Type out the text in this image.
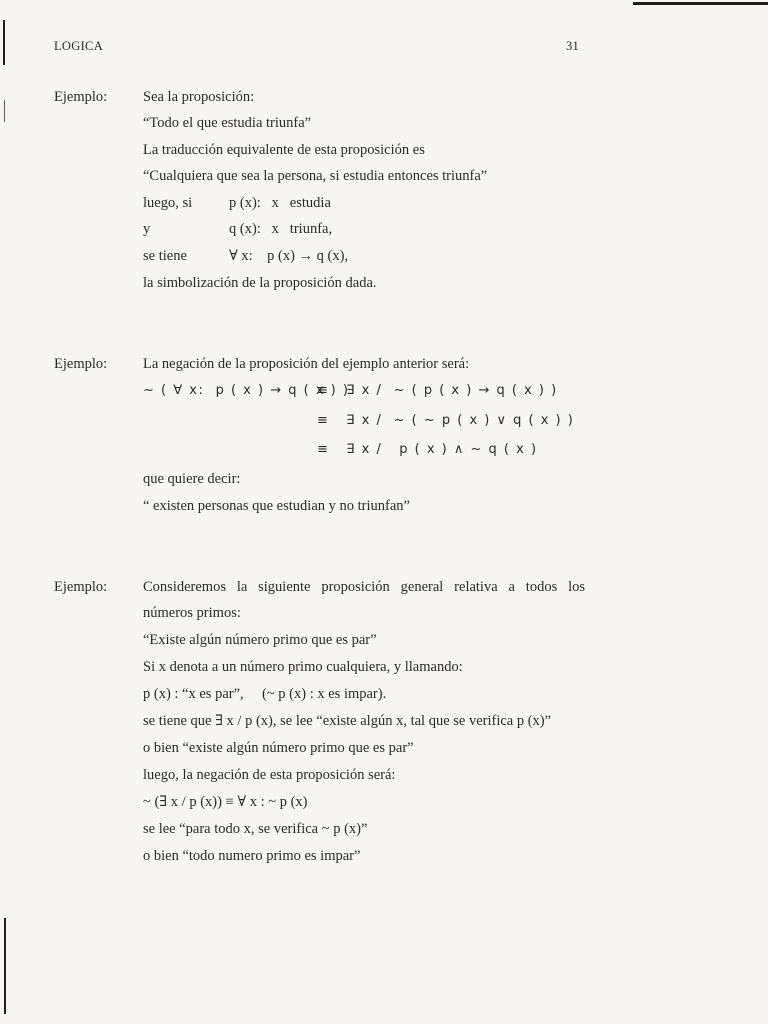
LOGICA	31
Ejemplo: Sea la proposición:
“Todo el que estudia triunfa”
La traducción equivalente de esta proposición es
“Cualquiera que sea la persona, si estudia entonces triunfa”
luego, si	p (x):   x   estudia
y	q (x):   x   triunfa,
se tiene	∀ x:    p (x) → q (x),
la simbolización de la proposición dada.
Ejemplo: La negación de la proposición del ejemplo anterior será:
~ ( ∀ x:  p ( x ) → q ( x ) )
≡   ∃ x /  ~ ( p ( x ) → q ( x ) )
≡   ∃ x /  ~ ( ~ p ( x ) ∨ q ( x ) )
≡   ∃ x /   p ( x ) ∧ ~ q ( x )
que quiere decir:
“ existen personas que estudian y no triunfan”
Ejemplo: Consideremos la siguiente proposición general relativa a todos los
números primos:
“Existe algún número primo que es par”
Si x denota a un número primo cualquiera, y llamando:
p (x) : “x es par”, (~ p (x) : x es impar).
se tiene que ∃ x / p (x), se lee “existe algún x, tal que se verifica p (x)”
o bien “existe algún número primo que es par”
luego, la negación de esta proposición será:
~ (∃ x / p (x)) ≡ ∀ x : ~ p (x)
se lee “para todo x, se verifica ~ p (x)”
o bien “todo numero primo es impar”
